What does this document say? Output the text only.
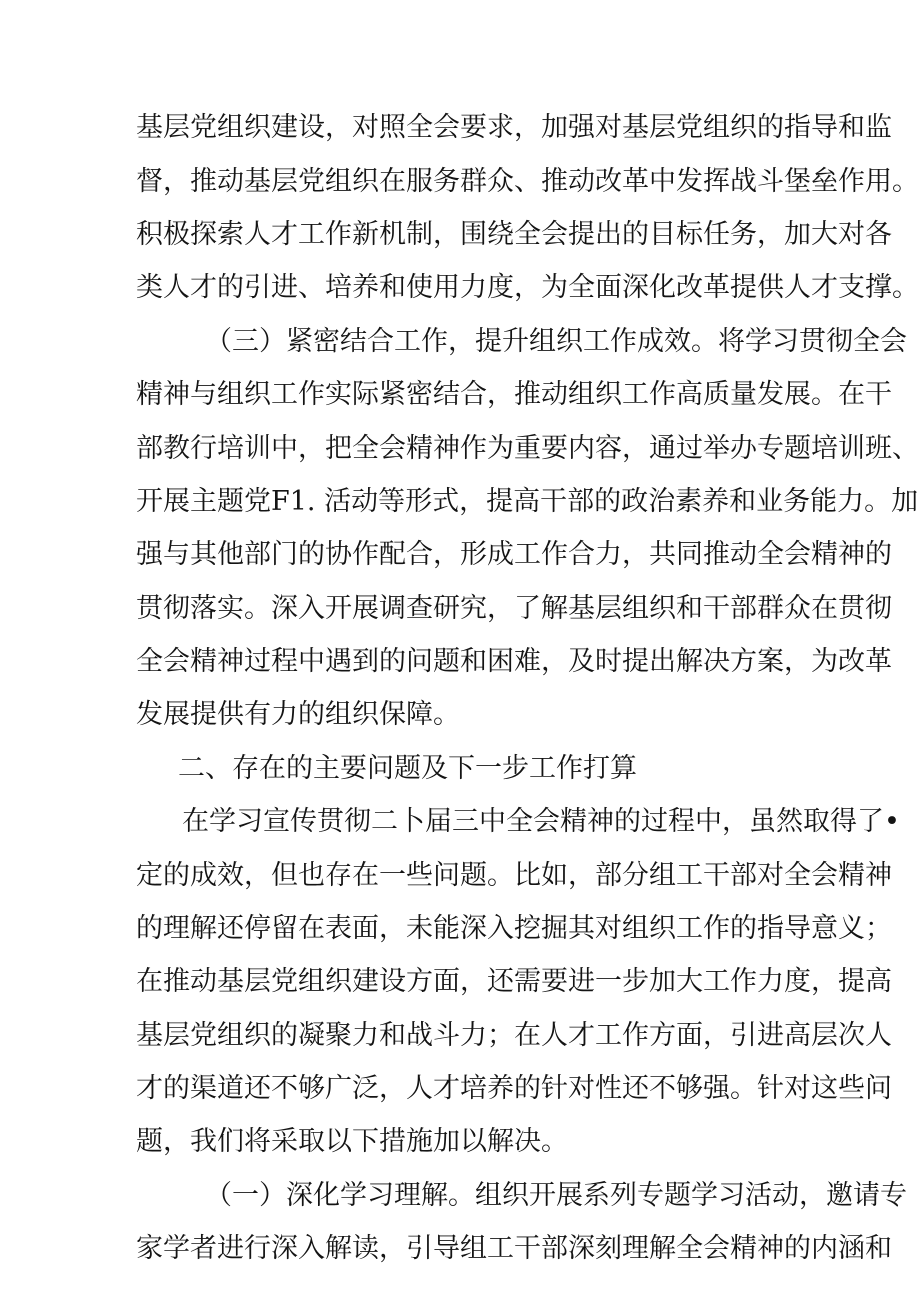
基层党组织建设，对照全会要求，加强对基层党组织的指导和监
督，推动基层党组织在服务群众、推动改革中发挥战斗堡垒作用。
积极探索人才工作新机制，围绕全会提出的目标任务，加大对各
类人才的引进、培养和使用力度，为全面深化改革提供人才支撑。
（三）紧密结合工作，提升组织工作成效。将学习贯彻全会
精神与组织工作实际紧密结合，推动组织工作高质量发展。在干
部教行培训中，把全会精神作为重要内容，通过举办专题培训班、
开展主题党F1. 活动等形式，提高干部的政治素养和业务能力。加
强与其他部门的协作配合，形成工作合力，共同推动全会精神的
贯彻落实。深入开展调查研究，了解基层组织和干部群众在贯彻
全会精神过程中遇到的问题和困难，及时提出解决方案，为改革
发展提供有力的组织保障。
二、存在的主要问题及下一步工作打算
在学习宣传贯彻二卜届三中全会精神的过程中，虽然取得了•
定的成效，但也存在一些问题。比如，部分组工干部对全会精神
的理解还停留在表面，未能深入挖掘其对组织工作的指导意义；
在推动基层党组织建设方面，还需要进一步加大工作力度，提高
基层党组织的凝聚力和战斗力；在人才工作方面，引进高层次人
才的渠道还不够广泛，人才培养的针对性还不够强。针对这些问
题，我们将采取以下措施加以解决。
（一）深化学习理解。组织开展系列专题学习活动，邀请专
家学者进行深入解读，引导组工干部深刻理解全会精神的内涵和
